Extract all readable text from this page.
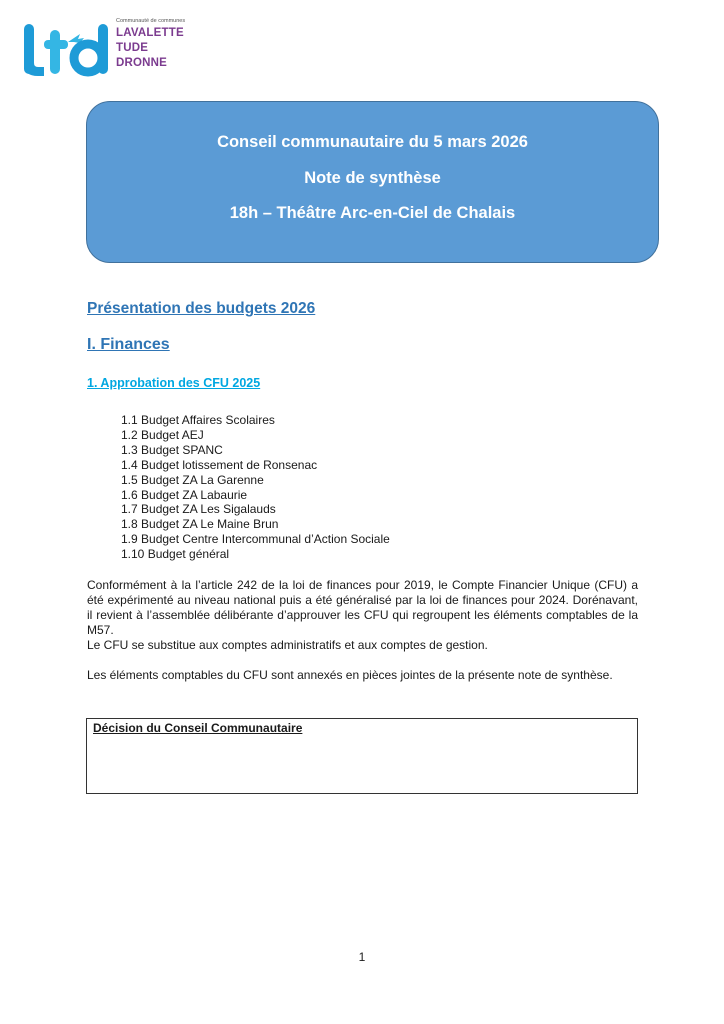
Communauté de communes
LAVALETTE
TUDE
DRONNE
Conseil communautaire du 5 mars 2026
Note de synthèse
18h – Théâtre Arc-en-Ciel de Chalais
Présentation des budgets 2026
I. Finances
1. Approbation des CFU 2025
1.1 Budget Affaires Scolaires
1.2 Budget AEJ
1.3 Budget SPANC
1.4 Budget lotissement de Ronsenac
1.5 Budget ZA La Garenne
1.6 Budget ZA Labaurie
1.7 Budget ZA Les Sigalauds
1.8 Budget ZA Le Maine Brun
1.9 Budget Centre Intercommunal d’Action Sociale
1.10 Budget général

Conformément à la l’article 242 de la loi de finances pour 2019, le Compte Financier Unique (CFU) a été expérimenté au niveau national puis a été généralisé par la loi de finances pour 2024. Dorénavant, il revient à l’assemblée délibérante d’approuver les CFU qui regroupent les éléments comptables de la M57.
Le CFU se substitue aux comptes administratifs et aux comptes de gestion.

Les éléments comptables du CFU sont annexés en pièces jointes de la présente note de synthèse.

Décision du Conseil Communautaire
1
